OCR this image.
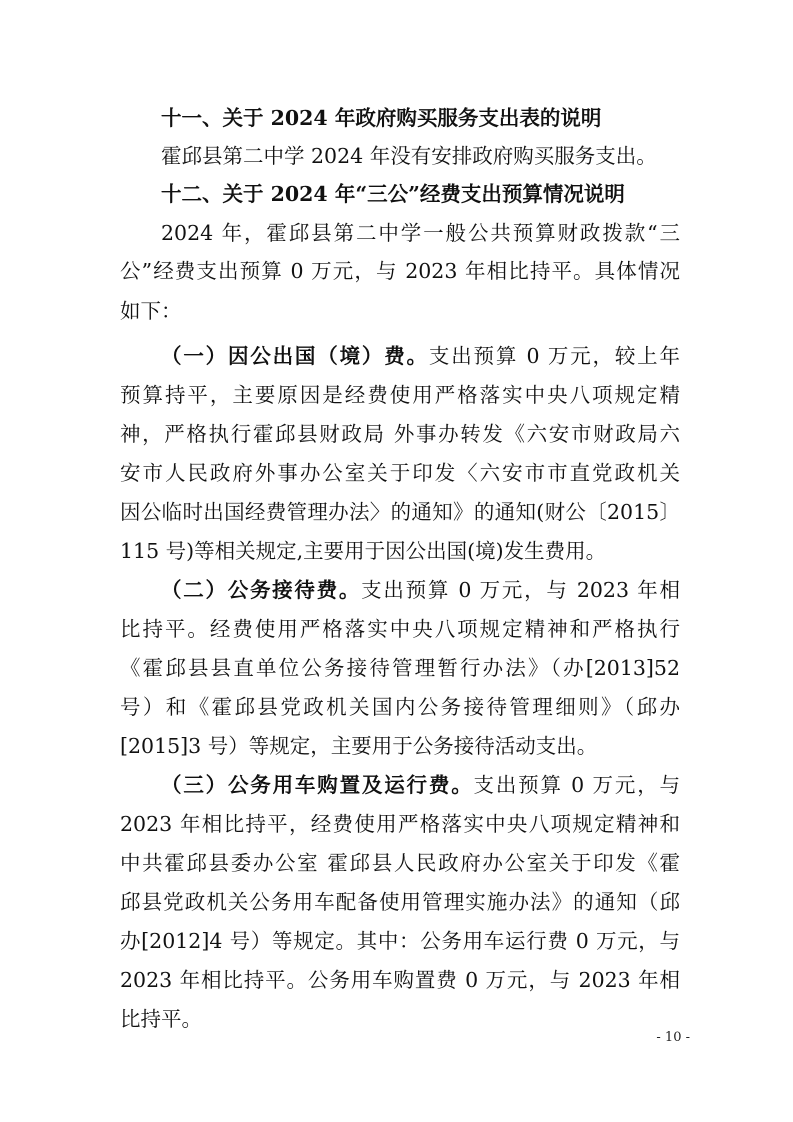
十一、关于 2024 年政府购买服务支出表的说明
霍邱县第二中学 2024 年没有安排政府购买服务支出。
十二、关于 2024 年“三公”经费支出预算情况说明
2024 年，霍邱县第二中学一般公共预算财政拨款“三
公”经费支出预算 0 万元，与 2023 年相比持平。具体情况
如下：
（一）因公出国（境）费。支出预算 0 万元，较上年
预算持平，主要原因是经费使用严格落实中央八项规定精
神，严格执行霍邱县财政局 外事办转发《六安市财政局六
安市人民政府外事办公室关于印发〈六安市市直党政机关
因公临时出国经费管理办法〉的通知》的通知(财公〔2015〕
115 号)等相关规定,主要用于因公出国(境)发生费用。
（二）公务接待费。支出预算 0 万元，与 2023 年相
比持平。经费使用严格落实中央八项规定精神和严格执行
《霍邱县县直单位公务接待管理暂行办法》（办[2013]52
号）和《霍邱县党政机关国内公务接待管理细则》（邱办
[2015]3 号）等规定，主要用于公务接待活动支出。
（三）公务用车购置及运行费。支出预算 0 万元，与
2023 年相比持平，经费使用严格落实中央八项规定精神和
中共霍邱县委办公室 霍邱县人民政府办公室关于印发《霍
邱县党政机关公务用车配备使用管理实施办法》的通知（邱
办[2012]4 号）等规定。其中：公务用车运行费 0 万元，与
2023 年相比持平。公务用车购置费 0 万元，与 2023 年相
比持平。
- 10 -
